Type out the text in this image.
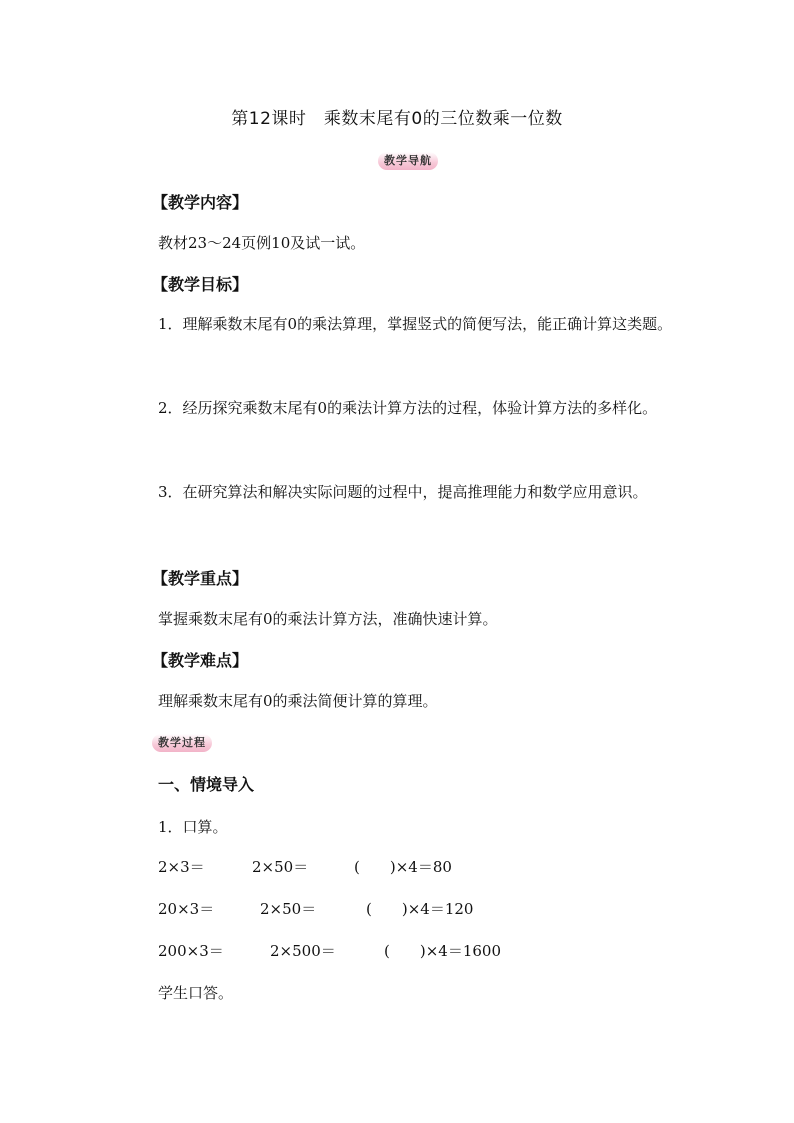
第12课时　乘数末尾有0的三位数乘一位数
教学导航
【教学内容】
教材23～24页例10及试一试。
【教学目标】
1．理解乘数末尾有0的乘法算理，掌握竖式的简便写法，能正确计算这类题。
2．经历探究乘数末尾有0的乘法计算方法的过程，体验计算方法的多样化。
3．在研究算法和解决实际问题的过程中，提高推理能力和数学应用意识。
【教学重点】
掌握乘数末尾有0的乘法计算方法，准确快速计算。
【教学难点】
理解乘数末尾有0的乘法简便计算的算理。
教学过程
一、情境导入
1．口算。
2×3＝	2×50＝	(　　)×4＝80
20×3＝	2×50＝	(　　)×4＝120
200×3＝	2×500＝	(　　)×4＝1600
学生口答。
